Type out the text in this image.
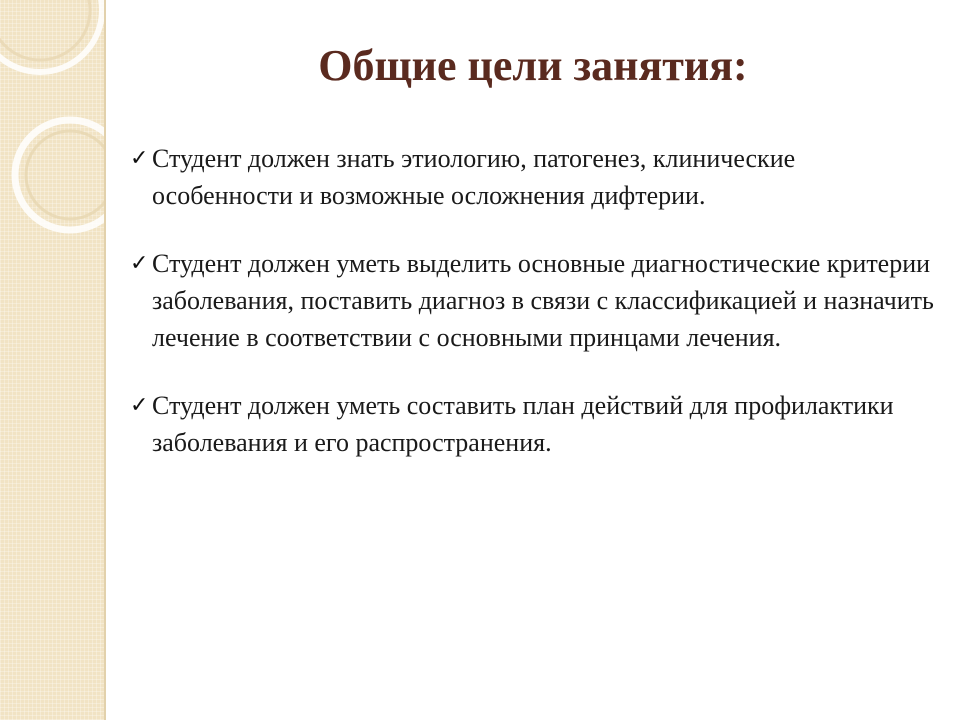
Общие цели занятия:
✓ Студент должен знать этиологию, патогенез, клинические особенности и возможные осложнения дифтерии.
✓ Студент должен уметь выделить основные диагностические критерии заболевания, поставить диагноз в связи с классификацией и назначить лечение в соответствии с основными принцами лечения.
✓ Студент должен уметь составить план действий для профилактики заболевания и его распространения.
